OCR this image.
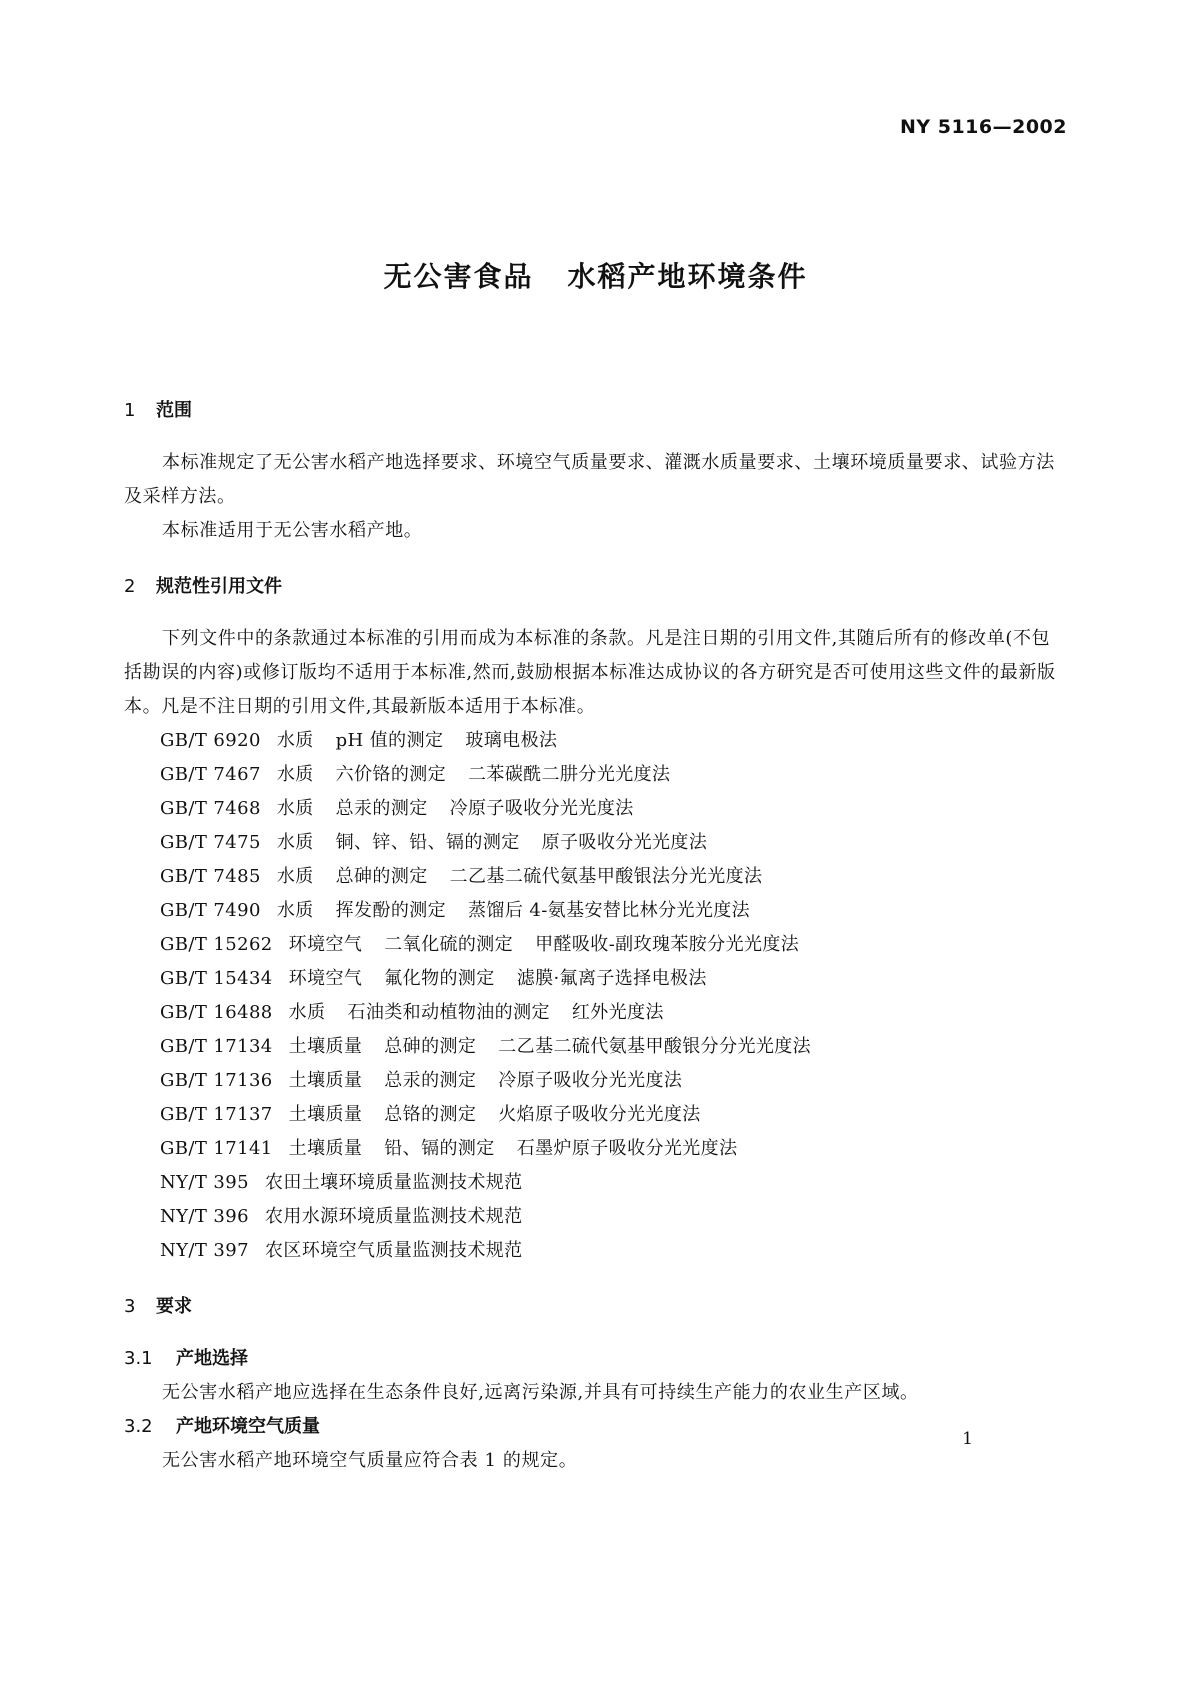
NY 5116—2002
无公害食品 水稻产地环境条件
1 范围
本标准规定了无公害水稻产地选择要求、环境空气质量要求、灌溉水质量要求、土壤环境质量要求、试验方法及采样方法。
本标准适用于无公害水稻产地。
2 规范性引用文件
下列文件中的条款通过本标准的引用而成为本标准的条款。凡是注日期的引用文件,其随后所有的修改单(不包括勘误的内容)或修订版均不适用于本标准,然而,鼓励根据本标准达成协议的各方研究是否可使用这些文件的最新版本。凡是不注日期的引用文件,其最新版本适用于本标准。
GB/T 6920 水质 pH 值的测定 玻璃电极法
GB/T 7467 水质 六价铬的测定 二苯碳酰二肼分光光度法
GB/T 7468 水质 总汞的测定 冷原子吸收分光光度法
GB/T 7475 水质 铜、锌、铅、镉的测定 原子吸收分光光度法
GB/T 7485 水质 总砷的测定 二乙基二硫代氨基甲酸银法分光光度法
GB/T 7490 水质 挥发酚的测定 蒸馏后 4-氨基安替比林分光光度法
GB/T 15262 环境空气 二氧化硫的测定 甲醛吸收-副玫瑰苯胺分光光度法
GB/T 15434 环境空气 氟化物的测定 滤膜·氟离子选择电极法
GB/T 16488 水质 石油类和动植物油的测定 红外光度法
GB/T 17134 土壤质量 总砷的测定 二乙基二硫代氨基甲酸银分分光光度法
GB/T 17136 土壤质量 总汞的测定 冷原子吸收分光光度法
GB/T 17137 土壤质量 总铬的测定 火焰原子吸收分光光度法
GB/T 17141 土壤质量 铅、镉的测定 石墨炉原子吸收分光光度法
NY/T 395 农田土壤环境质量监测技术规范
NY/T 396 农用水源环境质量监测技术规范
NY/T 397 农区环境空气质量监测技术规范
3 要求
3.1 产地选择
无公害水稻产地应选择在生态条件良好,远离污染源,并具有可持续生产能力的农业生产区域。
3.2 产地环境空气质量
无公害水稻产地环境空气质量应符合表 1 的规定。
1
